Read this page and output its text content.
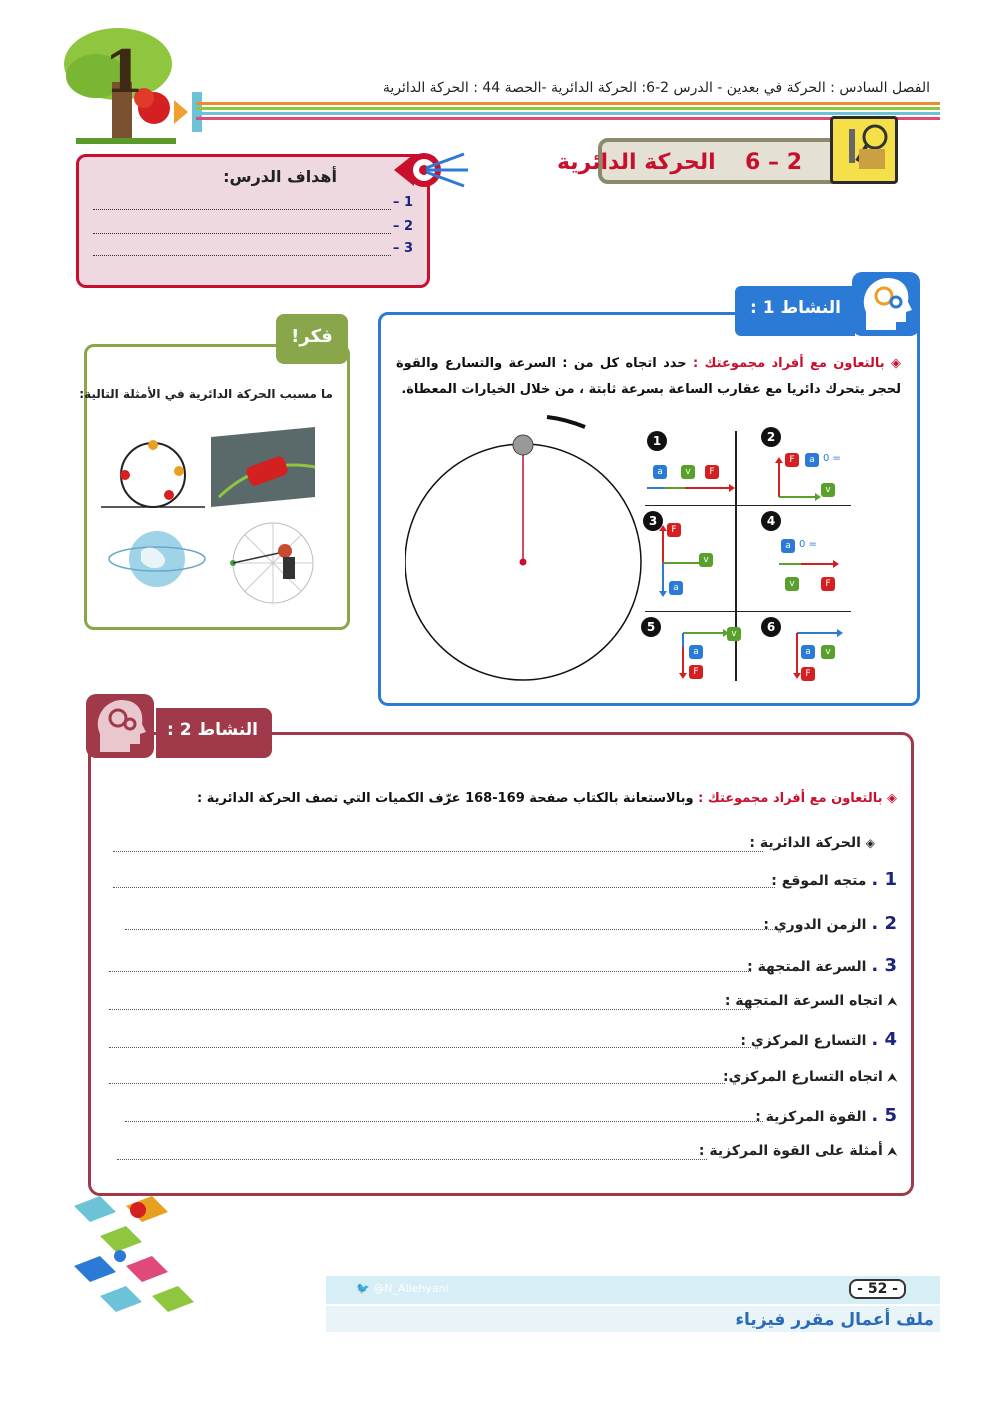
1	الفصل السادس : الحركة في بعدين - الدرس 2-6: الحركة الدائرية -الحصة 44 : الحركة الدائرية
2 – 6  الحركة الدائرية
أهداف الدرس:
1 –
2 –
3 –
ما مسبب الحركة الدائرية في الأمثلة التالية:
فكر!
◈ بالتعاون مع أفراد مجموعتك : حدد اتجاه كل من : السرعة والتسارع والقوة لحجر يتحرك دائريا مع عقارب الساعة بسرعة ثابتة ، من خلال الخيارات المعطاة.
1
a	v	F
2
F	a = 0
v
3
F
v
a
4
a = 0
v	F
5	v
a
F
6
a	v
F
النشاط 1 :
◈ بالتعاون مع أفراد مجموعتك : وبالاستعانة بالكتاب صفحة 169-168 عرّف الكميات التي تصف الحركة الدائرية :
◈ الحركة الدائرية :
1 . متجه الموقع :
2 . الزمن الدوري :
3 . السرعة المتجهة :
⮝ اتجاه السرعة المتجهة :
4 . التسارع المركزي :
⮝ اتجاه التسارع المركزي:
5 . القوة المركزية :
⮝ أمثلة على القوة المركزية :
النشاط 2 :
🐦 @N_Allehyani	- 52 -
ملف أعمال مقرر فيزياء
